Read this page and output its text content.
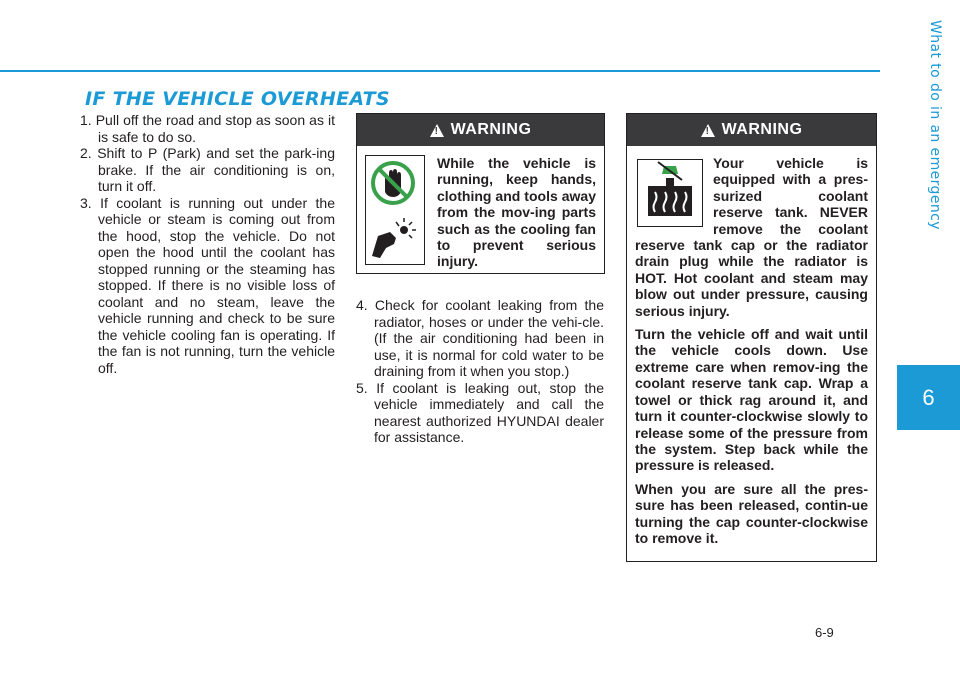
IF THE VEHICLE OVERHEATS	What to do in an emergency
6
1. Pull off the road and stop as soon as it is safe to do so.
2. Shift to P (Park) and set the park-ing brake. If the air conditioning is on, turn it off.
3. If coolant is running out under the vehicle or steam is coming out from the hood, stop the vehicle. Do not open the hood until the coolant has stopped running or the steaming has stopped. If there is no visible loss of coolant and no steam, leave the vehicle running and check to be sure the vehicle cooling fan is operating. If the fan is not running, turn the vehicle off.
!
WARNING

While the vehicle is running, keep hands, clothing and tools away from the mov-ing parts such as the cooling fan to prevent serious injury.

4. Check for coolant leaking from the radiator, hoses or under the vehi-cle. (If the air conditioning had been in use, it is normal for cold water to be draining from it when you stop.)
5. If coolant is leaking out, stop the vehicle immediately and call the nearest authorized HYUNDAI dealer for assistance.
!
WARNING

Your vehicle is equipped with a pres-surized coolant reserve tank. NEVER remove the coolant reserve tank cap or the radiator drain plug while the radiator is HOT. Hot coolant and steam may blow out under pressure, causing serious injury.

Turn the vehicle off and wait until the vehicle cools down. Use extreme care when remov-ing the coolant reserve tank cap. Wrap a towel or thick rag around it, and turn it counter-clockwise slowly to release some of the pressure from the system. Step back while the pressure is released.

When you are sure all the pres-sure has been released, contin-ue turning the cap counter-clockwise to remove it.

6-9
